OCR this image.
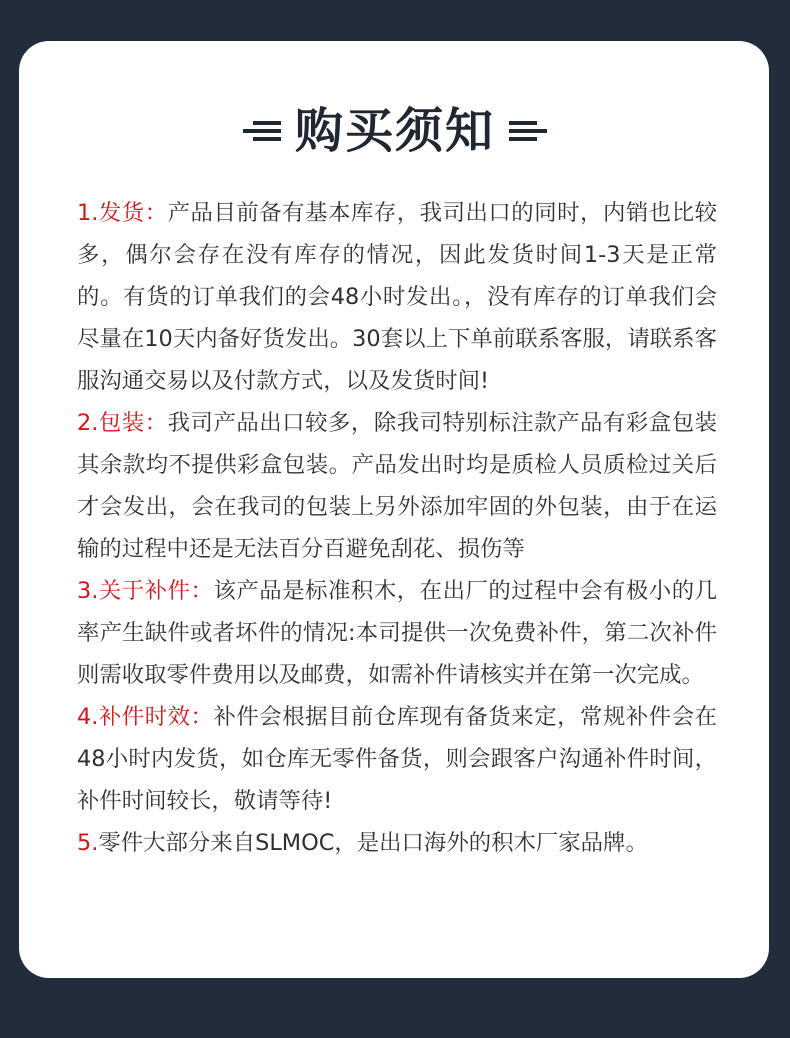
购买须知

1.发货：产品目前备有基本库存，我司出口的同时，内销也比较多，偶尔会存在没有库存的情况，因此发货时间1-3天是正常的。有货的订单我们的会48小时发出。，没有库存的订单我们会尽量在10天内备好货发出。30套以上下单前联系客服，请联系客服沟通交易以及付款方式，以及发货时间!

2.包装：我司产品出口较多，除我司特别标注款产品有彩盒包装其余款均不提供彩盒包装。产品发出时均是质检人员质检过关后才会发出，会在我司的包装上另外添加牢固的外包装，由于在运输的过程中还是无法百分百避免刮花、损伤等

3.关于补件：该产品是标准积木，在出厂的过程中会有极小的几率产生缺件或者坏件的情况:本司提供一次免费补件，第二次补件则需收取零件费用以及邮费，如需补件请核实并在第一次完成。

4.补件时效：补件会根据目前仓库现有备货来定，常规补件会在48小时内发货，如仓库无零件备货，则会跟客户沟通补件时间，补件时间较长，敬请等待!

5.零件大部分来自SLMOC，是出口海外的积木厂家品牌。
